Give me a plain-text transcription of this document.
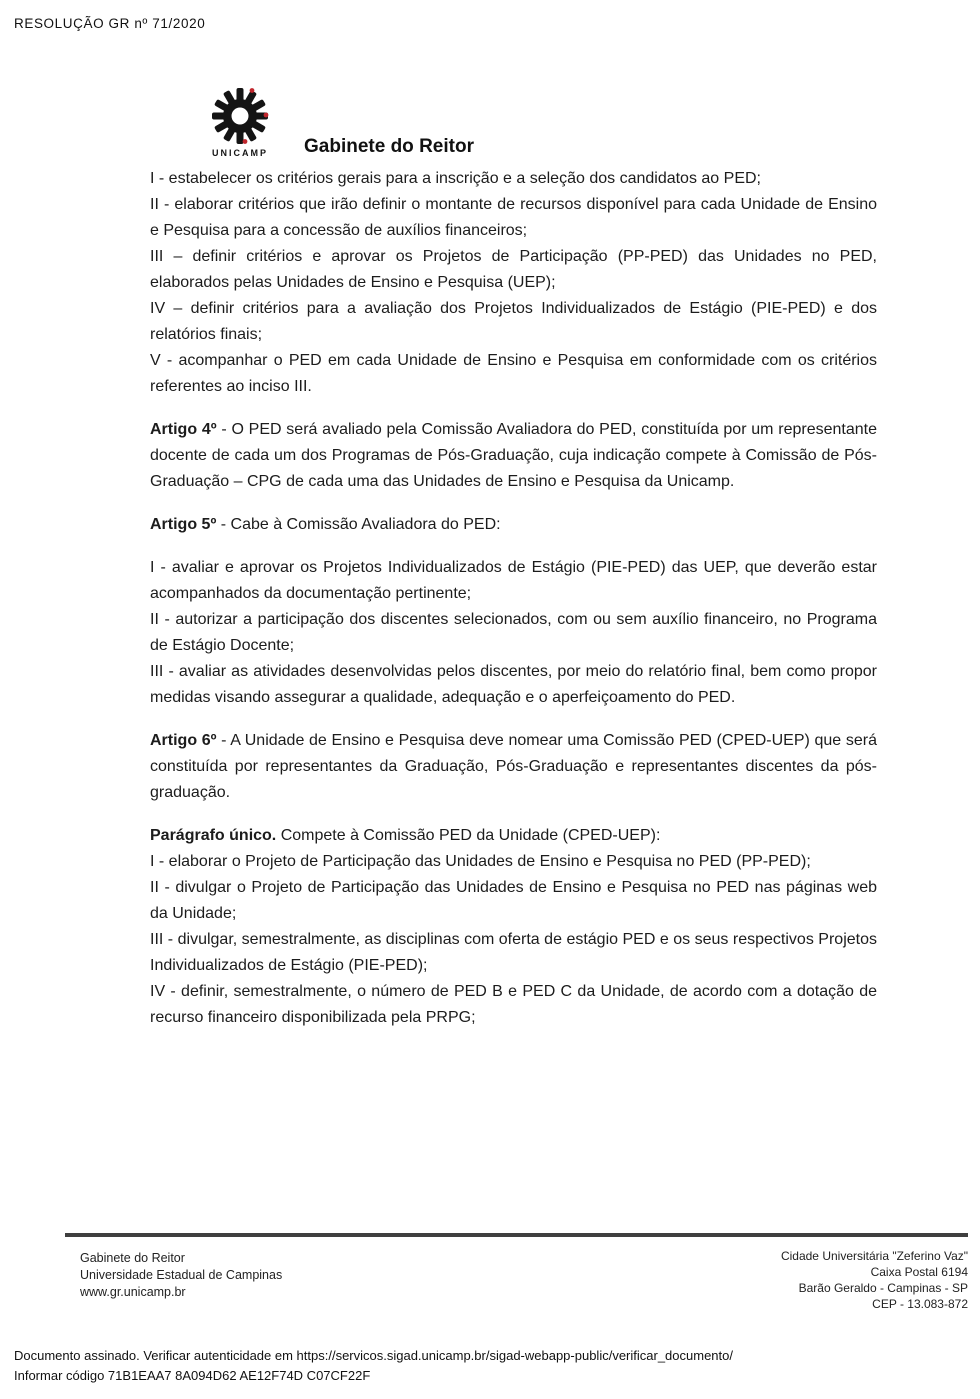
RESOLUÇÃO GR nº 71/2020
UNICAMP	Gabinete do Reitor

I - estabelecer os critérios gerais para a inscrição e a seleção dos candidatos ao PED;

II - elaborar critérios que irão definir o montante de recursos disponível para cada Unidade de Ensino e Pesquisa para a concessão de auxílios financeiros;

III – definir critérios e aprovar os Projetos de Participação (PP-PED) das Unidades no PED, elaborados pelas Unidades de Ensino e Pesquisa (UEP);

IV – definir critérios para a avaliação dos Projetos Individualizados de Estágio (PIE-PED) e dos relatórios finais;

V - acompanhar o PED em cada Unidade de Ensino e Pesquisa em conformidade com os critérios referentes ao inciso III.

Artigo 4º - O PED será avaliado pela Comissão Avaliadora do PED, constituída por um representante docente de cada um dos Programas de Pós-Graduação, cuja indicação compete à Comissão de Pós-Graduação – CPG de cada uma das Unidades de Ensino e Pesquisa da Unicamp.

Artigo 5º - Cabe à Comissão Avaliadora do PED:

I - avaliar e aprovar os Projetos Individualizados de Estágio (PIE-PED) das UEP, que deverão estar acompanhados da documentação pertinente;

II - autorizar a participação dos discentes selecionados, com ou sem auxílio financeiro, no Programa de Estágio Docente;

III - avaliar as atividades desenvolvidas pelos discentes, por meio do relatório final, bem como propor medidas visando assegurar a qualidade, adequação e o aperfeiçoamento do PED.

Artigo 6º - A Unidade de Ensino e Pesquisa deve nomear uma Comissão PED (CPED-UEP) que será constituída por representantes da Graduação, Pós-Graduação e representantes discentes da pós-graduação.

Parágrafo único. Compete à Comissão PED da Unidade (CPED-UEP):

I - elaborar o Projeto de Participação das Unidades de Ensino e Pesquisa no PED (PP-PED);

II - divulgar o Projeto de Participação das Unidades de Ensino e Pesquisa no PED nas páginas web da Unidade;

III - divulgar, semestralmente, as disciplinas com oferta de estágio PED e os seus respectivos Projetos Individualizados de Estágio (PIE-PED);

IV - definir, semestralmente, o número de PED B e PED C da Unidade, de acordo com a dotação de recurso financeiro disponibilizada pela PRPG;

Gabinete do Reitor
Universidade Estadual de Campinas
www.gr.unicamp.br
Cidade Universitária "Zeferino Vaz"
Caixa Postal 6194
Barão Geraldo - Campinas - SP
CEP - 13.083-872
Documento assinado. Verificar autenticidade em https://servicos.sigad.unicamp.br/sigad-webapp-public/verificar_documento/
Informar código 71B1EAA7 8A094D62 AE12F74D C07CF22F
